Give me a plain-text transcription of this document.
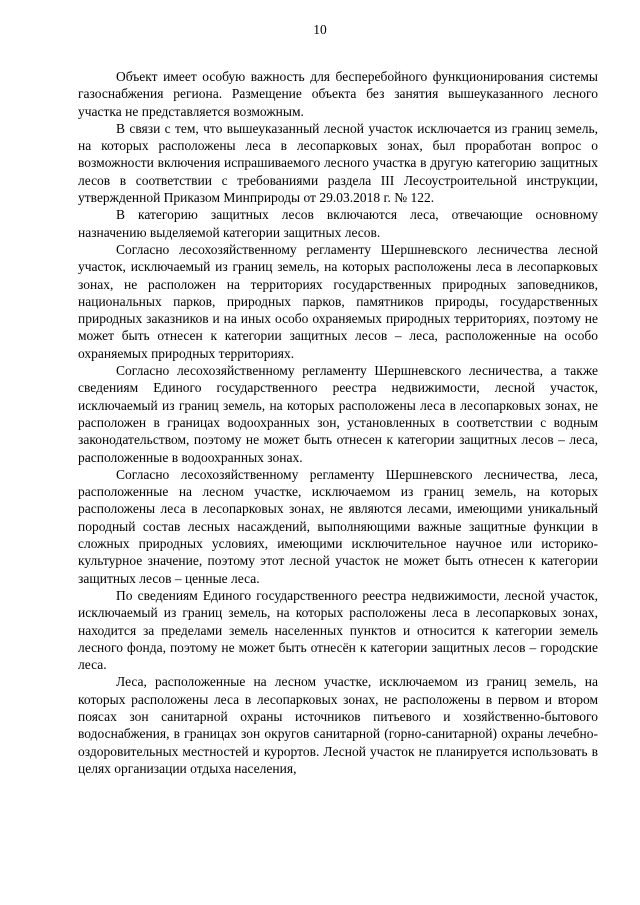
10

Объект имеет особую важность для бесперебойного функционирования системы газоснабжения региона. Размещение объекта без занятия вышеуказанного лесного участка не представляется возможным.

В связи с тем, что вышеуказанный лесной участок исключается из границ земель, на которых расположены леса в лесопарковых зонах, был проработан вопрос о возможности включения испрашиваемого лесного участка в другую категорию защитных лесов в соответствии с требованиями раздела III Лесоустроительной инструкции, утвержденной Приказом Минприроды от 29.03.2018 г. № 122.

В категорию защитных лесов включаются леса, отвечающие основному назначению выделяемой категории защитных лесов.

Согласно лесохозяйственному регламенту Шершневского лесничества лесной участок, исключаемый из границ земель, на которых расположены леса в лесопарковых зонах, не расположен на территориях государственных природных заповедников, национальных парков, природных парков, памятников природы, государственных природных заказников и на иных особо охраняемых природных территориях, поэтому не может быть отнесен к категории защитных лесов – леса, расположенные на особо охраняемых природных территориях.

Согласно лесохозяйственному регламенту Шершневского лесничества, а также сведениям Единого государственного реестра недвижимости, лесной участок, исключаемый из границ земель, на которых расположены леса в лесопарковых зонах, не расположен в границах водоохранных зон, установленных в соответствии с водным законодательством, поэтому не может быть отнесен к категории защитных лесов – леса, расположенные в водоохранных зонах.

Согласно лесохозяйственному регламенту Шершневского лесничества, леса, расположенные на лесном участке, исключаемом из границ земель, на которых расположены леса в лесопарковых зонах, не являются лесами, имеющими уникальный породный состав лесных насаждений, выполняющими важные защитные функции в сложных природных условиях, имеющими исключительное научное или историко-культурное значение, поэтому этот лесной участок не может быть отнесен к категории защитных лесов – ценные леса.

По сведениям Единого государственного реестра недвижимости, лесной участок, исключаемый из границ земель, на которых расположены леса в лесопарковых зонах, находится за пределами земель населенных пунктов и относится к категории земель лесного фонда, поэтому не может быть отнесён к категории защитных лесов – городские леса.

Леса, расположенные на лесном участке, исключаемом из границ земель, на которых расположены леса в лесопарковых зонах, не расположены в первом и втором поясах зон санитарной охраны источников питьевого и хозяйственно-бытового водоснабжения, в границах зон округов санитарной (горно-санитарной) охраны лечебно-оздоровительных местностей и курортов. Лесной участок не планируется использовать в целях организации отдыха населения,
